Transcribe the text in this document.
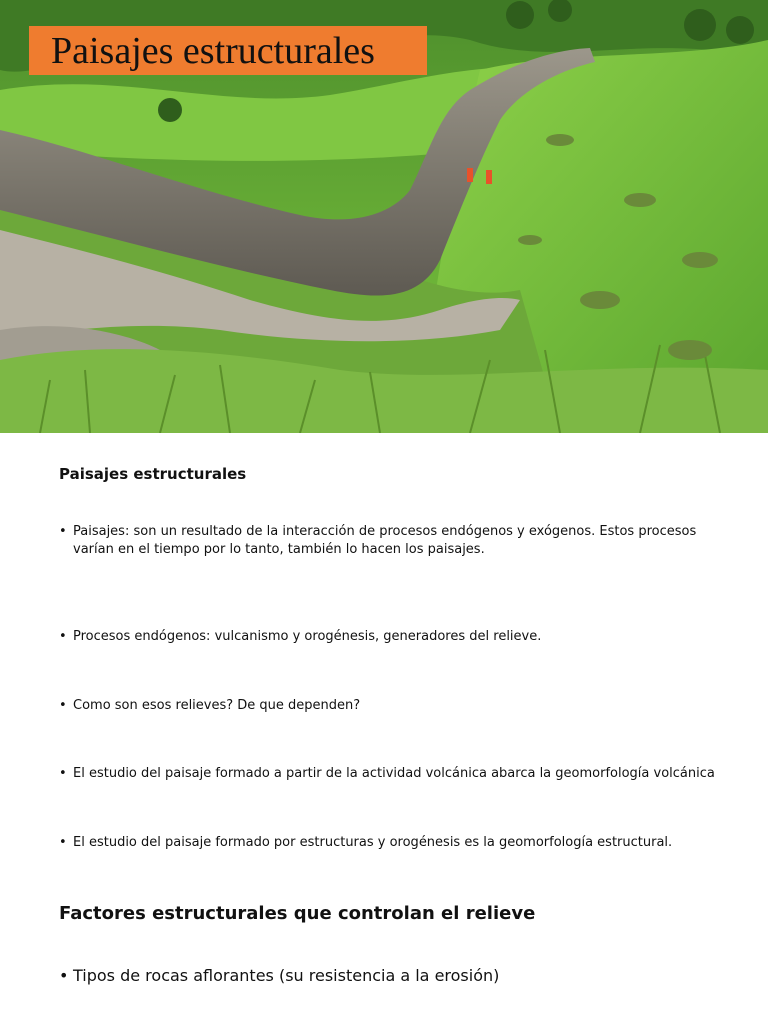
Paisajes estructurales
Paisajes estructurales
• Paisajes: son un resultado de la interacción de procesos endógenos y exógenos. Estos procesos varían en el tiempo por lo tanto, también lo hacen los paisajes.
• Procesos endógenos: vulcanismo y orogénesis, generadores del relieve.
• Como son esos relieves? De que dependen?
• El estudio del paisaje formado a partir de la actividad volcánica abarca la geomorfología volcánica
• El estudio del paisaje formado por estructuras y orogénesis es la geomorfología estructural.
Factores estructurales que controlan el relieve
• Tipos de rocas aflorantes (su resistencia a la erosión)
